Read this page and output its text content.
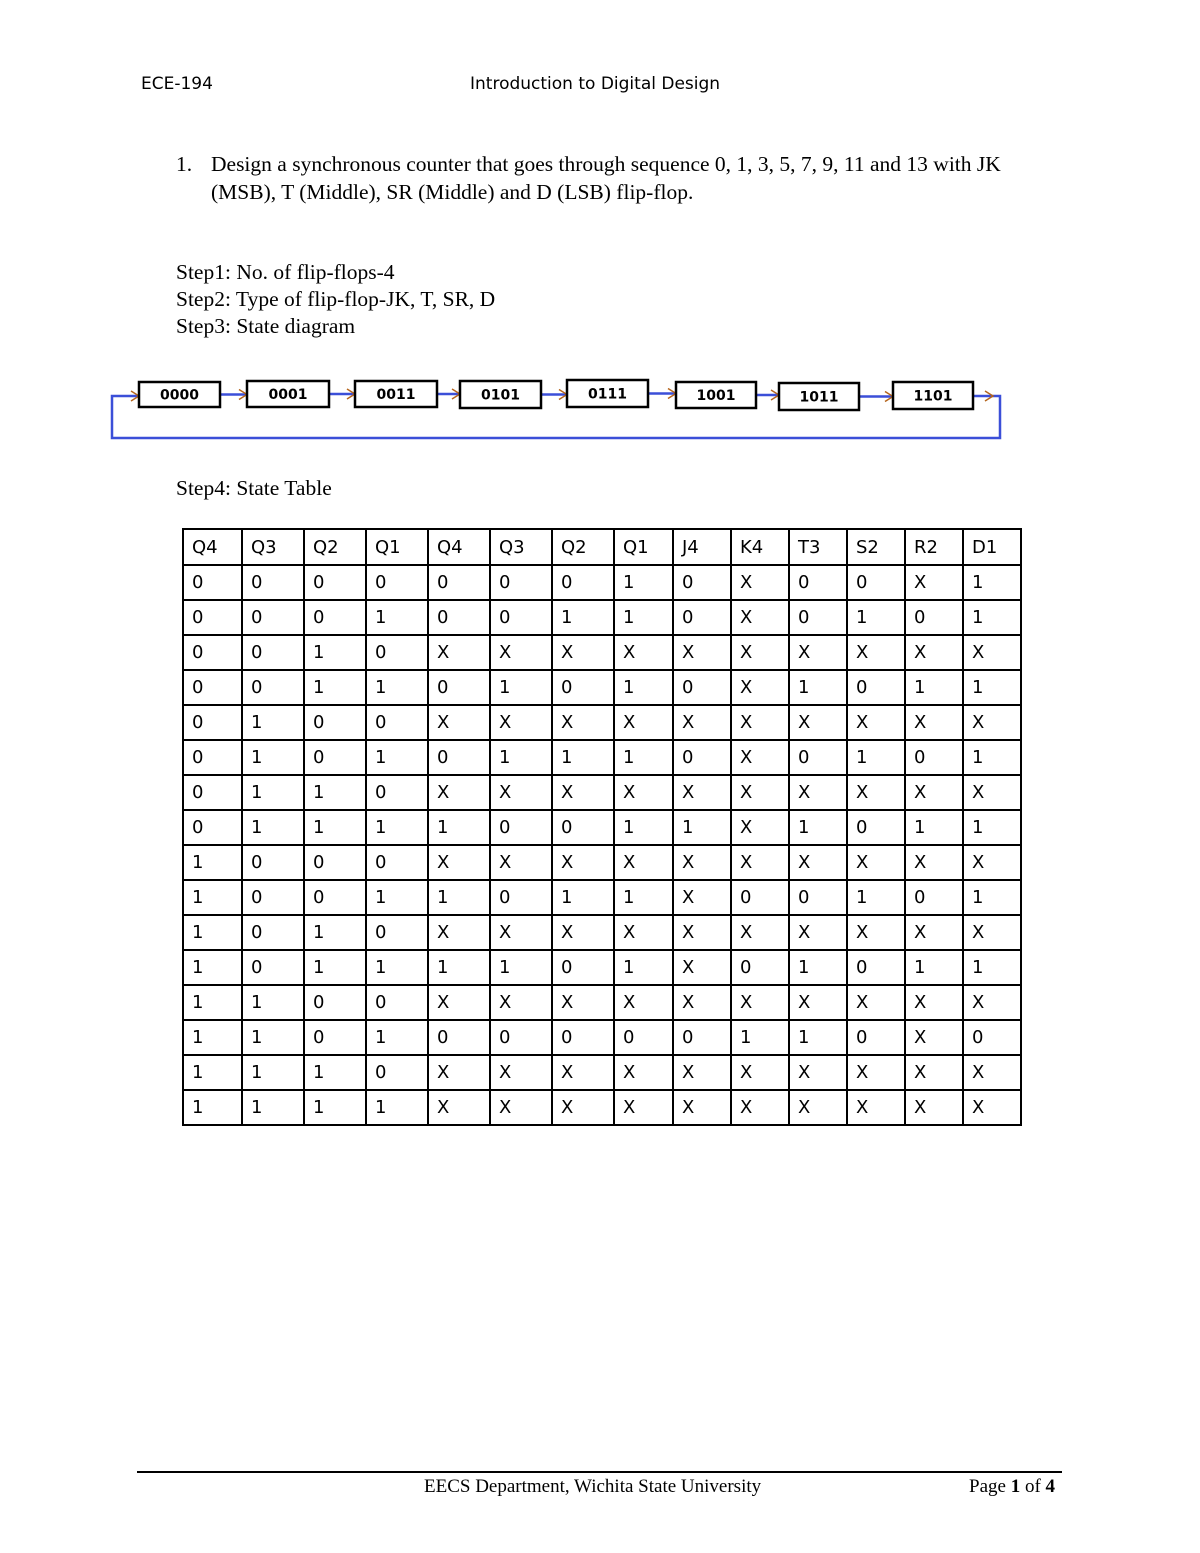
ECE-194	Introduction to Digital Design
1. Design a synchronous counter that goes through sequence 0, 1, 3, 5, 7, 9, 11 and 13 with JK (MSB), T (Middle), SR (Middle) and D (LSB) flip-flop.
Step1: No. of flip-flops-4
Step2: Type of flip-flop-JK, T, SR, D
Step3: State diagram
0000	0001	0011	0101	0111	1001	1011	1101
Step4: State Table
Q4	Q3	Q2	Q1	Q4	Q3	Q2	Q1	J4	K4	T3	S2	R2	D1
0	0	0	0	0	0	0	1	0	X	0	0	X	1
0	0	0	1	0	0	1	1	0	X	0	1	0	1
0	0	1	0	X	X	X	X	X	X	X	X	X	X
0	0	1	1	0	1	0	1	0	X	1	0	1	1
0	1	0	0	X	X	X	X	X	X	X	X	X	X
0	1	0	1	0	1	1	1	0	X	0	1	0	1
0	1	1	0	X	X	X	X	X	X	X	X	X	X
0	1	1	1	1	0	0	1	1	X	1	0	1	1
1	0	0	0	X	X	X	X	X	X	X	X	X	X
1	0	0	1	1	0	1	1	X	0	0	1	0	1
1	0	1	0	X	X	X	X	X	X	X	X	X	X
1	0	1	1	1	1	0	1	X	0	1	0	1	1
1	1	0	0	X	X	X	X	X	X	X	X	X	X
1	1	0	1	0	0	0	0	0	1	1	0	X	0
1	1	1	0	X	X	X	X	X	X	X	X	X	X
1	1	1	1	X	X	X	X	X	X	X	X	X	X
EECS Department, Wichita State University	Page 1 of 4
